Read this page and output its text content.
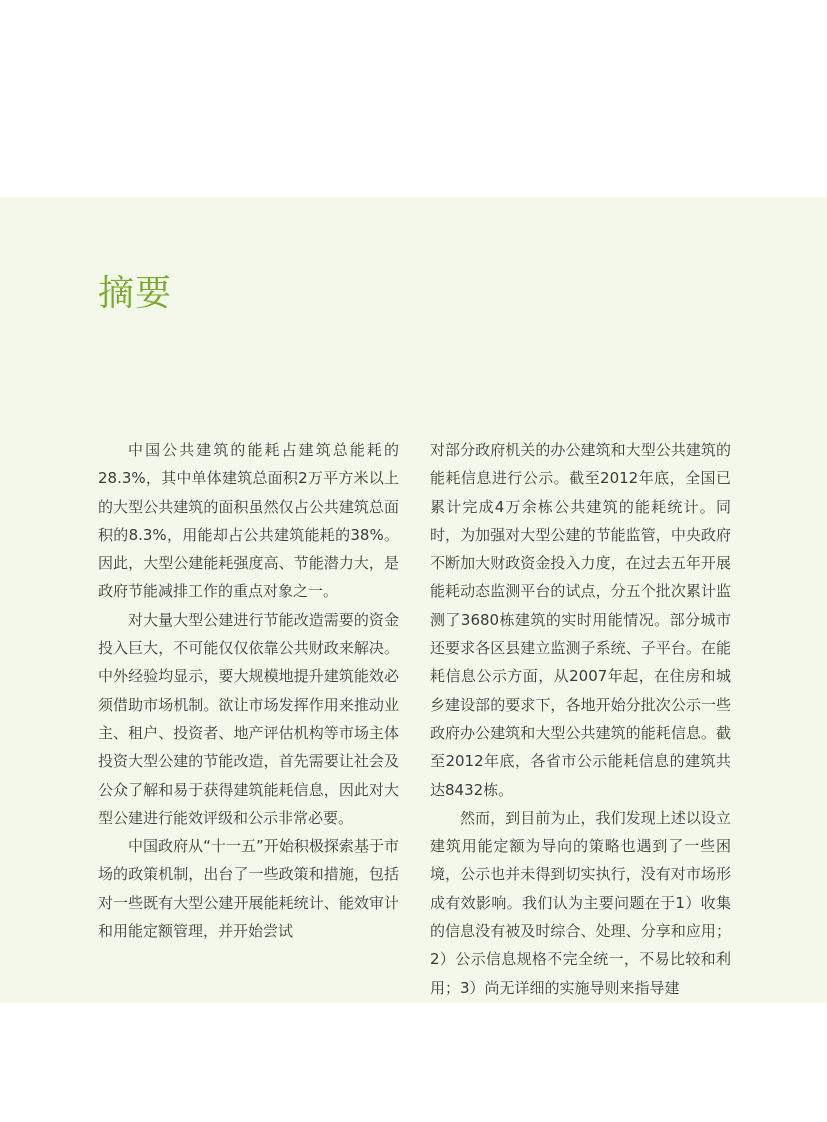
摘要

中国公共建筑的能耗占建筑总能耗的28.3%，其中单体建筑总面积2万平方米以上的大型公共建筑的面积虽然仅占公共建筑总面积的8.3%，用能却占公共建筑能耗的38%。因此，大型公建能耗强度高、节能潜力大，是政府节能减排工作的重点对象之一。

对大量大型公建进行节能改造需要的资金投入巨大，不可能仅仅依靠公共财政来解决。中外经验均显示，要大规模地提升建筑能效必须借助市场机制。欲让市场发挥作用来推动业主、租户、投资者、地产评估机构等市场主体投资大型公建的节能改造，首先需要让社会及公众了解和易于获得建筑能耗信息，因此对大型公建进行能效评级和公示非常必要。

中国政府从“十一五”开始积极探索基于市场的政策机制，出台了一些政策和措施，包括对一些既有大型公建开展能耗统计、能效审计和用能定额管理，并开始尝试

对部分政府机关的办公建筑和大型公共建筑的能耗信息进行公示。截至2012年底，全国已累计完成4万余栋公共建筑的能耗统计。同时，为加强对大型公建的节能监管，中央政府不断加大财政资金投入力度，在过去五年开展能耗动态监测平台的试点，分五个批次累计监测了3680栋建筑的实时用能情况。部分城市还要求各区县建立监测子系统、子平台。在能耗信息公示方面，从2007年起，在住房和城乡建设部的要求下，各地开始分批次公示一些政府办公建筑和大型公共建筑的能耗信息。截至2012年底，各省市公示能耗信息的建筑共达8432栋。

然而，到目前为止，我们发现上述以设立建筑用能定额为导向的策略也遇到了一些困境，公示也并未得到切实执行，没有对市场形成有效影响。我们认为主要问题在于1）收集的信息没有被及时综合、处理、分享和应用；2）公示信息规格不完全统一，不易比较和利用；3）尚无详细的实施导则来指导建
